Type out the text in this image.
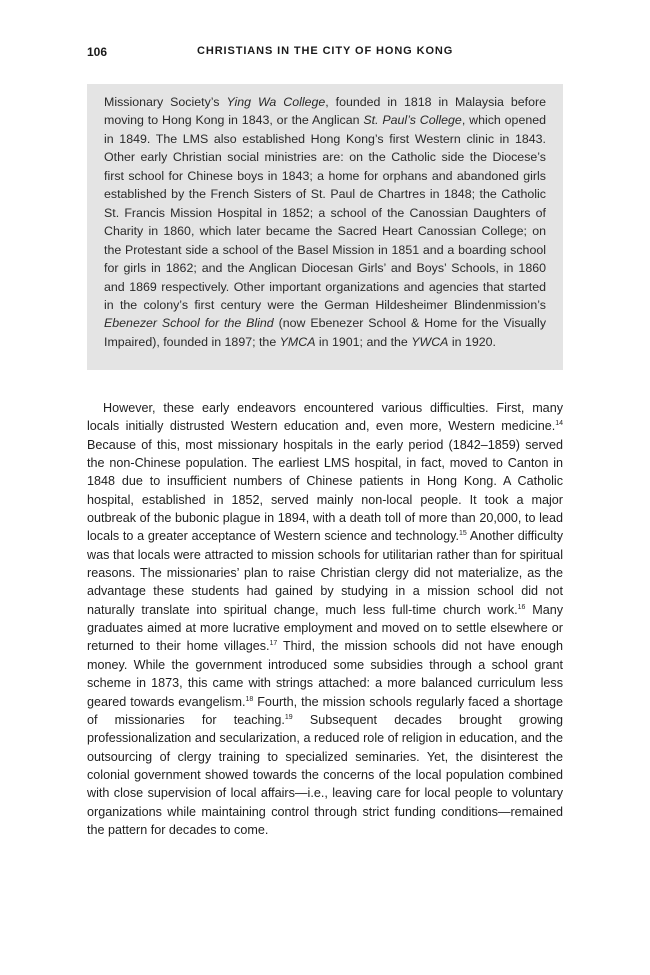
106	CHRISTIANS IN THE CITY OF HONG KONG

Missionary Society’s Ying Wa College, founded in 1818 in Malaysia before moving to Hong Kong in 1843, or the Anglican St. Paul’s College, which opened in 1849. The LMS also established Hong Kong’s first Western clinic in 1843. Other early Christian social ministries are: on the Catholic side the Diocese’s first school for Chinese boys in 1843; a home for orphans and abandoned girls established by the French Sisters of St. Paul de Chartres in 1848; the Catholic St. Francis Mission Hospital in 1852; a school of the Canossian Daughters of Charity in 1860, which later became the Sacred Heart Canossian College; on the Protestant side a school of the Basel Mission in 1851 and a boarding school for girls in 1862; and the Anglican Diocesan Girls’ and Boys’ Schools, in 1860 and 1869 respectively. Other important organizations and agencies that started in the colony’s first century were the German Hildesheimer Blindenmission’s Ebenezer School for the Blind (now Ebenezer School & Home for the Visually Impaired), founded in 1897; the YMCA in 1901; and the YWCA in 1920.

However, these early endeavors encountered various difficulties. First, many locals initially distrusted Western education and, even more, Western medicine.$^{14}$ Because of this, most missionary hospitals in the early period (1842–1859) served the non-Chinese population. The earliest LMS hospital, in fact, moved to Canton in 1848 due to insufficient numbers of Chinese patients in Hong Kong. A Catholic hospital, established in 1852, served mainly non-local people. It took a major outbreak of the bubonic plague in 1894, with a death toll of more than 20,000, to lead locals to a greater acceptance of Western science and technology.$^{15}$ Another difficulty was that locals were attracted to mission schools for utilitarian rather than for spiritual reasons. The missionaries’ plan to raise Christian clergy did not materialize, as the advantage these students had gained by studying in a mission school did not naturally translate into spiritual change, much less full-time church work.$^{16}$ Many graduates aimed at more lucrative employment and moved on to settle elsewhere or returned to their home villages.$^{17}$ Third, the mission schools did not have enough money. While the government introduced some subsidies through a school grant scheme in 1873, this came with strings attached: a more balanced curriculum less geared towards evangelism.$^{18}$ Fourth, the mission schools regularly faced a shortage of missionaries for teaching.$^{19}$ Subsequent decades brought growing professionalization and secularization, a reduced role of religion in education, and the outsourcing of clergy training to specialized seminaries. Yet, the disinterest the colonial government showed towards the concerns of the local population combined with close supervision of local affairs—i.e., leaving care for local people to voluntary organizations while maintaining control through strict funding conditions—remained the pattern for decades to come.
